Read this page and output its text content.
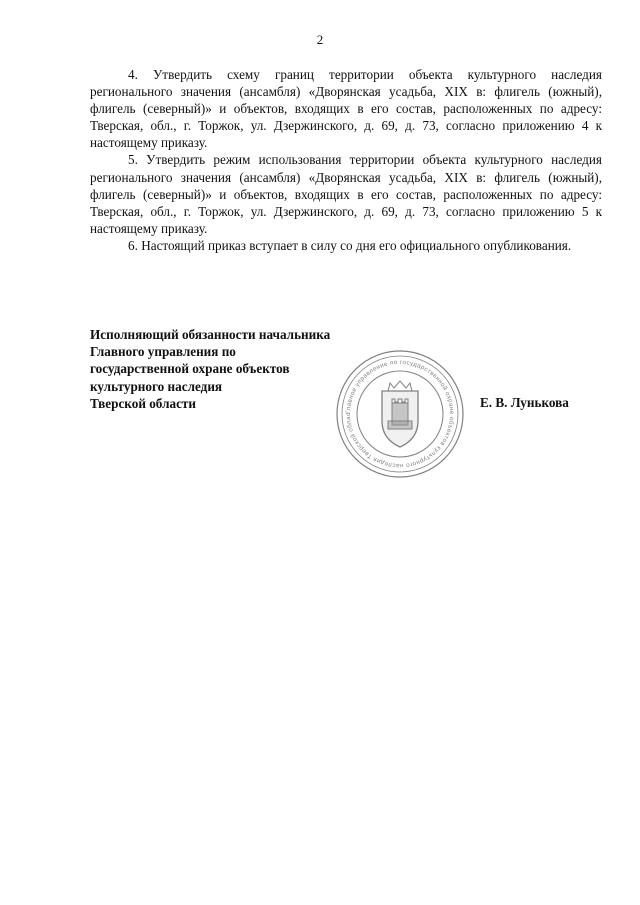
2

4. Утвердить схему границ территории объекта культурного наследия регионального значения (ансамбля) «Дворянская усадьба, XIX в: флигель (южный), флигель (северный)» и объектов, входящих в его состав, расположенных по адресу: Тверская, обл., г. Торжок, ул. Дзержинского, д. 69, д. 73, согласно приложению 4 к настоящему приказу.

5. Утвердить режим использования территории объекта культурного наследия регионального значения (ансамбля) «Дворянская усадьба, XIX в: флигель (южный), флигель (северный)» и объектов, входящих в его состав, расположенных по адресу: Тверская, обл., г. Торжок, ул. Дзержинского, д. 69, д. 73, согласно приложению 5 к настоящему приказу.

6. Настоящий приказ вступает в силу со дня его официального опубликования.

Исполняющий обязанности начальника
Главного управления по
государственной охране объектов
культурного наследия
Тверской области	Е. В. Лунькова
Главное управление по государственной охране объектов культурного наследия Тверской облас
